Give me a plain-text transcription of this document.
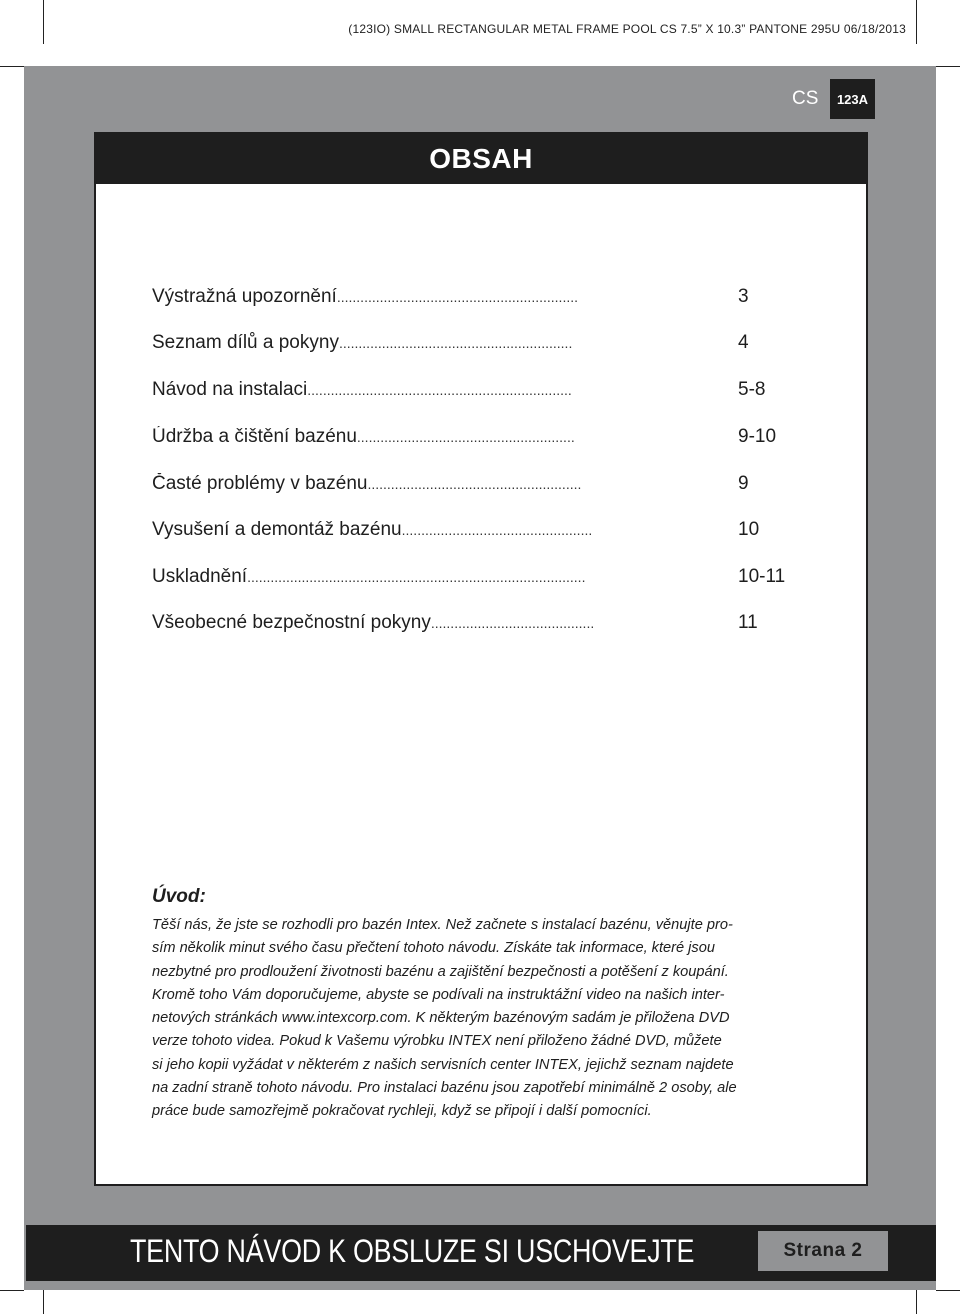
(123IO) SMALL RECTANGULAR METAL FRAME POOL CS 7.5” X 10.3” PANTONE 295U 06/18/2013
CS	123A
OBSAH
Výstražná upozornění..............................................................	3
Seznam dílů a pokyny............................................................	4
Návod na instalaci....................................................................	5-8
Údržba a čištění bazénu........................................................	9-10
Časté problémy v bazénu.......................................................	9
Vysušení a demontáž bazénu.................................................	10
Uskladnění.......................................................................................	10-11
Všeobecné bezpečnostní pokyny..........................................	11
Úvod:
Těší nás, že jste se rozhodli pro bazén Intex. Než začnete s instalací bazénu, věnujte pro-
sím několik minut svého času přečtení tohoto návodu. Získáte tak informace, které jsou
nezbytné pro prodloužení životnosti bazénu a zajištění bezpečnosti a potěšení z koupání.
Kromě toho Vám doporučujeme, abyste se podívali na instruktážní video na našich inter-
netových stránkách www.intexcorp.com. K některým bazénovým sadám je přiložena DVD
verze tohoto videa. Pokud k Vašemu výrobku INTEX není přiloženo žádné DVD, můžete
si jeho kopii vyžádat v některém z našich servisních center INTEX, jejichž seznam najdete
na zadní straně tohoto návodu. Pro instalaci bazénu jsou zapotřebí minimálně 2 osoby, ale
práce bude samozřejmě pokračovat rychleji, když se připojí i další pomocníci.
TENTO NÁVOD K OBSLUZE SI USCHOVEJTE	Strana 2
